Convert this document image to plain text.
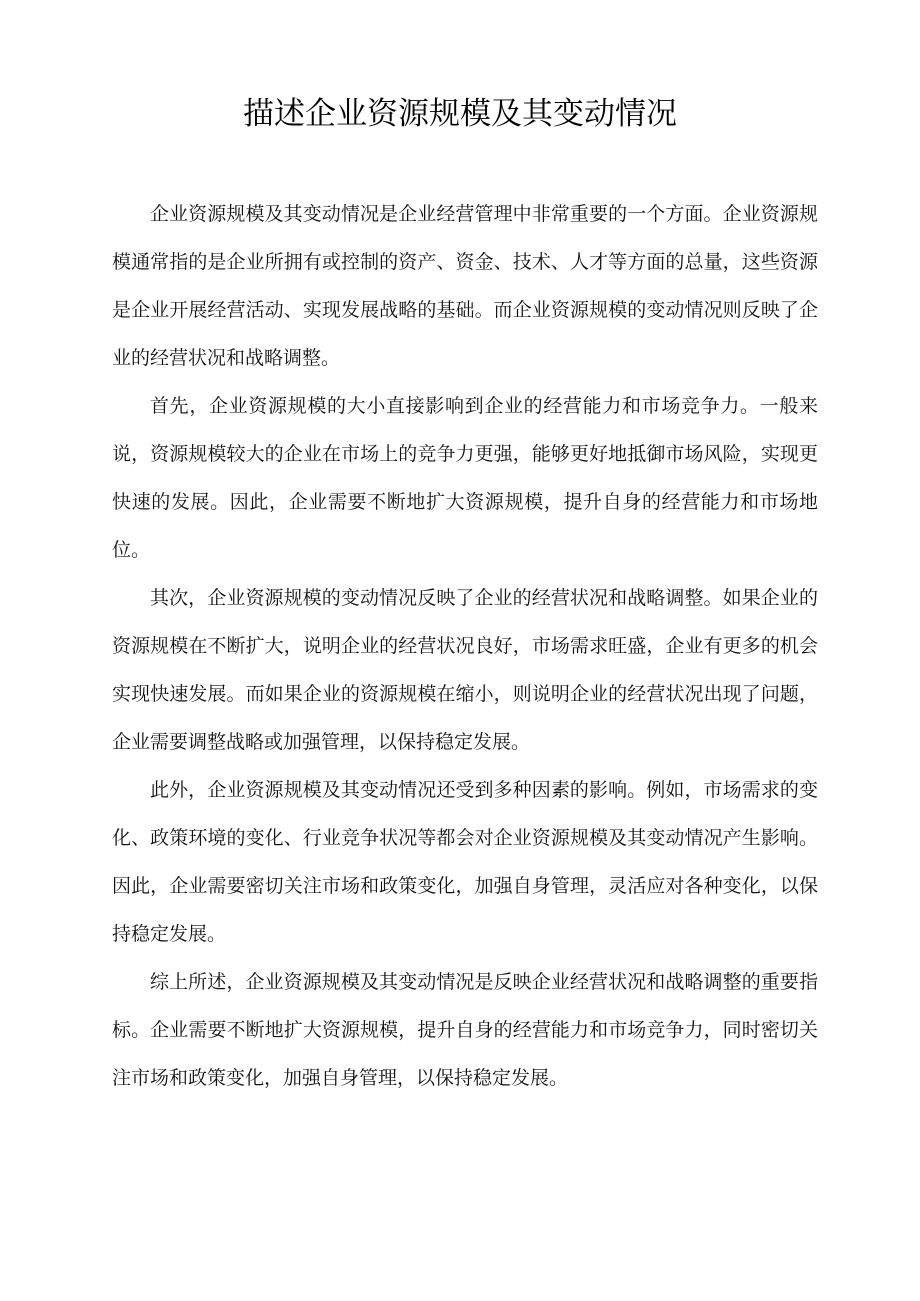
描述企业资源规模及其变动情况

企业资源规模及其变动情况是企业经营管理中非常重要的一个方面。企业资源规模通常指的是企业所拥有或控制的资产、资金、技术、人才等方面的总量，这些资源是企业开展经营活动、实现发展战略的基础。而企业资源规模的变动情况则反映了企业的经营状况和战略调整。

首先，企业资源规模的大小直接影响到企业的经营能力和市场竞争力。一般来说，资源规模较大的企业在市场上的竞争力更强，能够更好地抵御市场风险，实现更快速的发展。因此，企业需要不断地扩大资源规模，提升自身的经营能力和市场地位。

其次，企业资源规模的变动情况反映了企业的经营状况和战略调整。如果企业的资源规模在不断扩大，说明企业的经营状况良好，市场需求旺盛，企业有更多的机会实现快速发展。而如果企业的资源规模在缩小，则说明企业的经营状况出现了问题，企业需要调整战略或加强管理，以保持稳定发展。

此外，企业资源规模及其变动情况还受到多种因素的影响。例如，市场需求的变化、政策环境的变化、行业竞争状况等都会对企业资源规模及其变动情况产生影响。因此，企业需要密切关注市场和政策变化，加强自身管理，灵活应对各种变化，以保持稳定发展。

综上所述，企业资源规模及其变动情况是反映企业经营状况和战略调整的重要指标。企业需要不断地扩大资源规模，提升自身的经营能力和市场竞争力，同时密切关注市场和政策变化，加强自身管理，以保持稳定发展。
